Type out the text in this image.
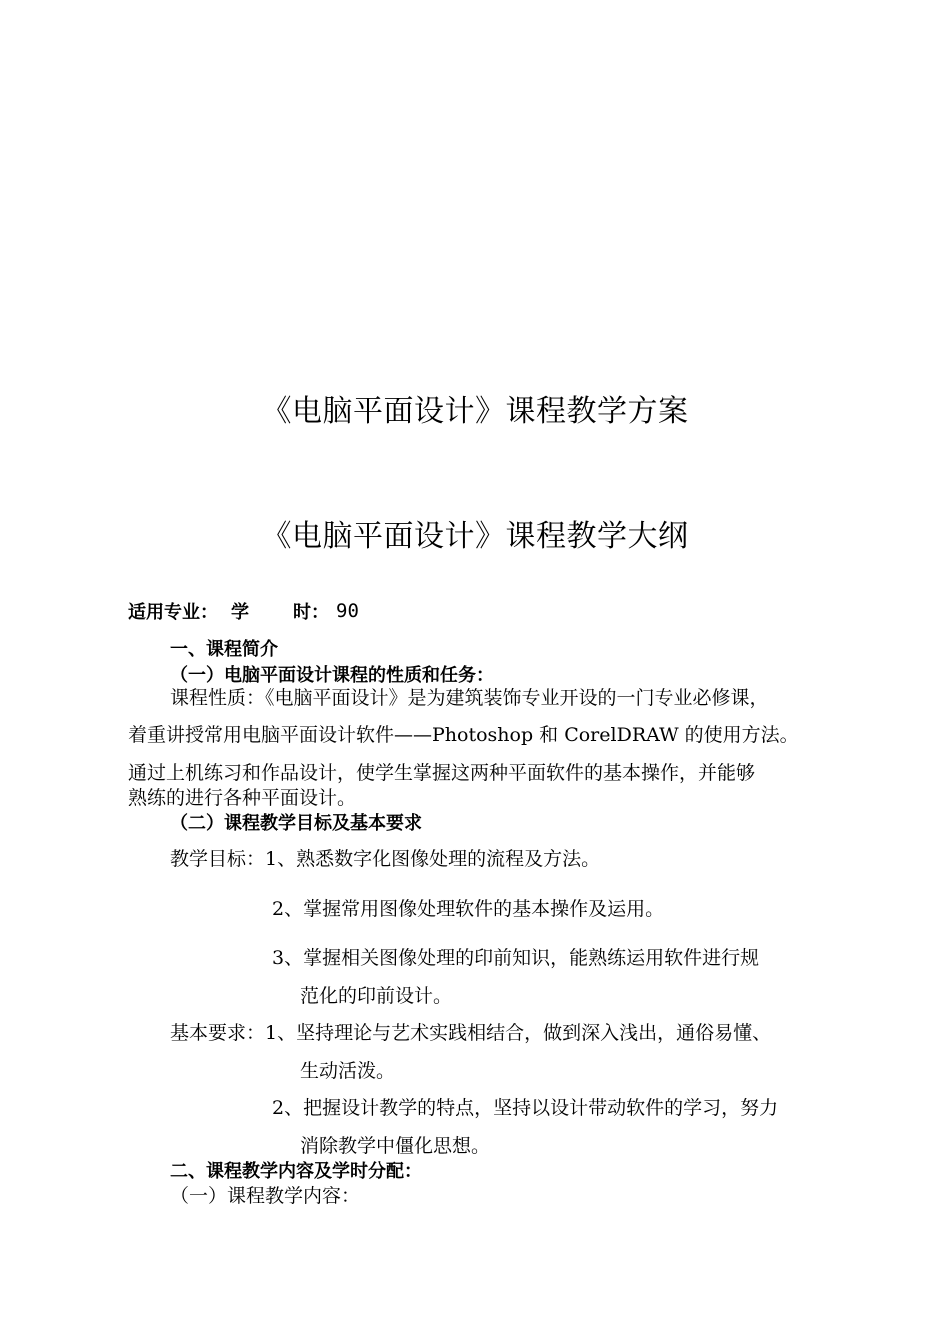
《电脑平面设计》课程教学方案
《电脑平面设计》课程教学大纲
适用专业： 学 时： 90
一、课程简介
（一）电脑平面设计课程的性质和任务：
课程性质：《电脑平面设计》是为建筑装饰专业开设的一门专业必修课，
着重讲授常用电脑平面设计软件——Photoshop 和 CorelDRAW 的使用方法。
通过上机练习和作品设计，使学生掌握这两种平面软件的基本操作，并能够
熟练的进行各种平面设计。
（二）课程教学目标及基本要求
教学目标：1、熟悉数字化图像处理的流程及方法。
2、掌握常用图像处理软件的基本操作及运用。
3、掌握相关图像处理的印前知识，能熟练运用软件进行规
范化的印前设计。
基本要求：1、坚持理论与艺术实践相结合，做到深入浅出，通俗易懂、
生动活泼。
2、把握设计教学的特点，坚持以设计带动软件的学习，努力
消除教学中僵化思想。
二、课程教学内容及学时分配：
（一）课程教学内容：
